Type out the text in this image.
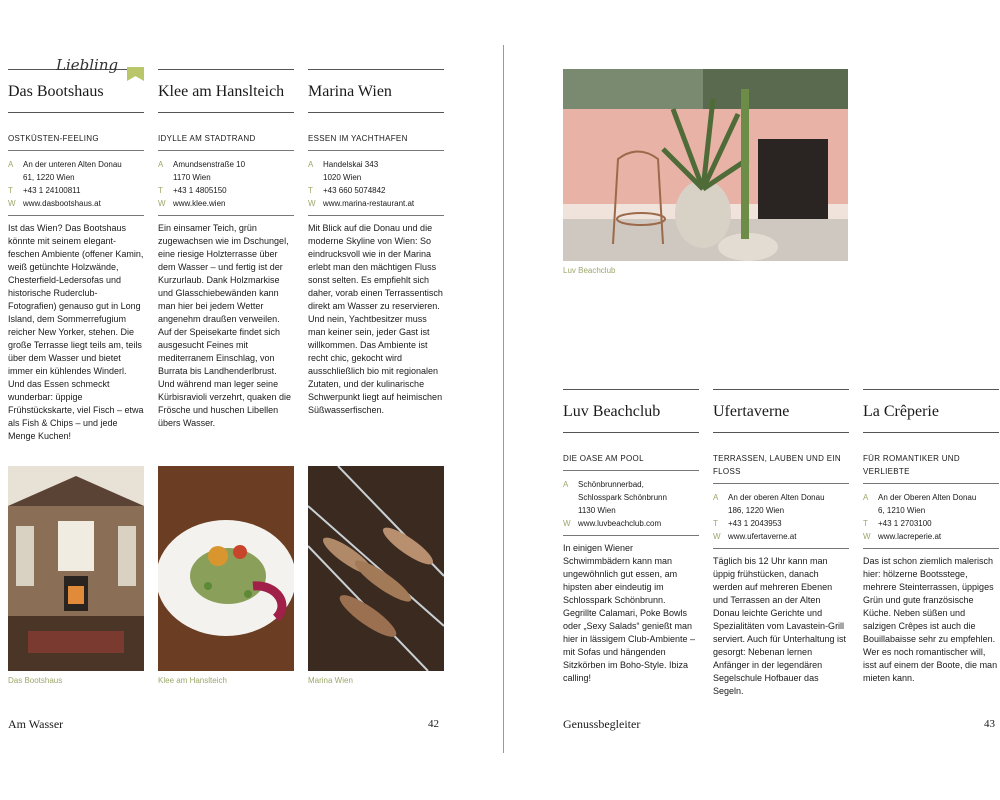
Liebling
Das Bootshaus
OSTKÜSTEN-FEELING
A	An der unteren Alten Donau
61, 1220 Wien
T	+43 1 24100811
W www.dasbootshaus.at
Ist das Wien? Das Bootshaus könnte mit seinem elegant-feschen Ambiente (offener Kamin, weiß getünchte Holzwände, Chesterfield-Ledersofas und historische Ruderclub-Fotografien) genauso gut in Long Island, dem Sommerrefugium reicher New Yorker, stehen. Die große Terrasse liegt teils am, teils über dem Wasser und bietet immer ein kühlendes Winderl. Und das Essen schmeckt wunderbar: üppige Frühstückskarte, viel Fisch – etwa als Fish & Chips – und jede Menge Kuchen!
Klee am Hanslteich
IDYLLE AM STADTRAND
A	Amundsenstraße 10
1170 Wien
T	+43 1 4805150
W www.klee.wien
Ein einsamer Teich, grün zugewachsen wie im Dschungel, eine riesige Holzterrasse über dem Wasser – und fertig ist der Kurzurlaub. Dank Holzmarkise und Glasschiebewänden kann man hier bei jedem Wetter angenehm draußen verweilen. Auf der Speisekarte findet sich ausgesucht Feines mit mediterranem Einschlag, von Burrata bis Landhenderlbrust. Und während man leger seine Kürbisravioli verzehrt, quaken die Frösche und huschen Libellen übers Wasser.
Marina Wien
ESSEN IM YACHTHAFEN
A	Handelskai 343
1020 Wien
T	+43 660 5074842
W www.marina-restaurant.at
Mit Blick auf die Donau und die moderne Skyline von Wien: So eindrucksvoll wie in der Marina erlebt man den mächtigen Fluss sonst selten. Es empfiehlt sich daher, vorab einen Terrassentisch direkt am Wasser zu reservieren. Und nein, Yachtbesitzer muss man keiner sein, jeder Gast ist willkommen. Das Ambiente ist recht chic, gekocht wird ausschließlich bio mit regionalen Zutaten, und der kulinarische Schwerpunkt liegt auf heimischen Süßwasserfischen.
Das Bootshaus	Klee am Hanslteich	Marina Wien
Luv Beachclub
Luv Beachclub
DIE OASE AM POOL
A	Schönbrunnerbad,
Schlosspark Schönbrunn
1130 Wien
W www.luvbeachclub.com
In einigen Wiener Schwimmbädern kann man ungewöhnlich gut essen, am hipsten aber eindeutig im Schlosspark Schönbrunn. Gegrillte Calamari, Poke Bowls oder „Sexy Salads“ genießt man hier in lässigem Club-Ambiente – mit Sofas und hängenden Sitzkörben im Boho-Style. Ibiza calling!
Ufertaverne
TERRASSEN, LAUBEN UND EIN FLOSS
A	An der oberen Alten Donau
186, 1220 Wien
T	+43 1 2043953
W www.ufertaverne.at
Täglich bis 12 Uhr kann man üppig frühstücken, danach werden auf mehreren Ebenen und Terrassen an der Alten Donau leichte Gerichte und Spezialitäten vom Lavastein-Grill serviert. Auch für Unterhaltung ist gesorgt: Nebenan lernen Anfänger in der legendären Segelschule Hofbauer das Segeln.
La Crêperie
FÜR ROMANTIKER UND VERLIEBTE
A	An der Oberen Alten Donau
6, 1210 Wien
T	+43 1 2703100
W www.lacreperie.at
Das ist schon ziemlich malerisch hier: hölzerne Bootsstege, mehrere Steinterrassen, üppiges Grün und gute französische Küche. Neben süßen und salzigen Crêpes ist auch die Bouillabaisse sehr zu empfehlen. Wer es noch romantischer will, isst auf einem der Boote, die man mieten kann.
Am Wasser	42	Genussbegleiter	43
